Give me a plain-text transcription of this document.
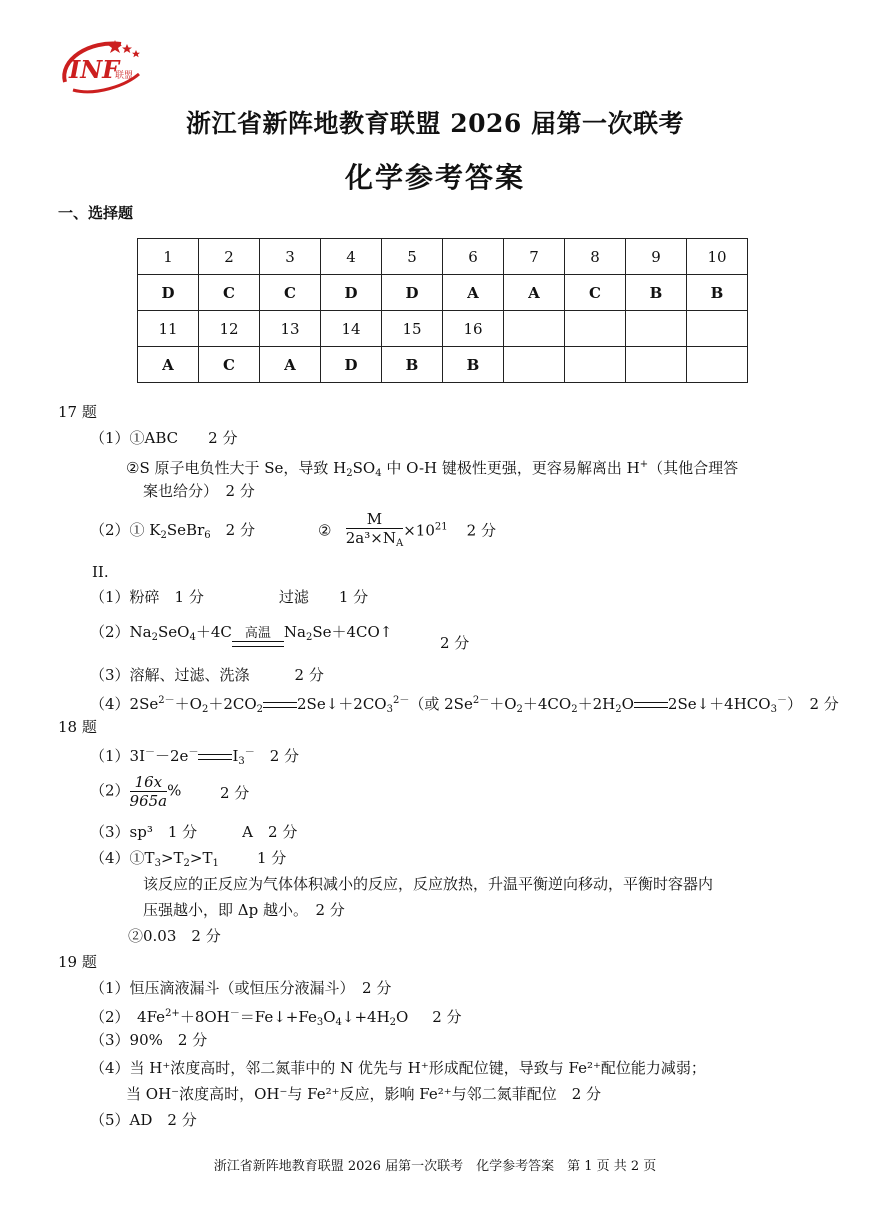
INF
联盟
浙江省新阵地教育联盟 2026 届第一次联考
化学参考答案
一、选择题
1	2	3	4	5	6	7	8	9	10
D	C	C	D	D	A	A	C	B	B
11	12	13	14	15	16				
A	C	A	D	B	B				
17 题
（1）①ABC　　2 分
②S 原子电负性大于 Se，导致 $H_2SO_4$ 中 O-H 键极性更强，更容易解离出 H+（其他合理答
案也给分）　2 分
（2）① $K_2SeBr_6$　2 分	② $\frac{M}{2a^3\times N_A} \times 10^{21}$ 2 分
II.
（1）粉碎　1 分　　　　　过滤　　1 分
$(2)Na_2SeO_4+4C$ 高温 $Na_2Se+4CO↑$
2 分
（3）溶解、过滤、洗涤　　　2 分
$(4)2Se^{2-}+O_2+2CO_2$ $2Se↓+2CO_3^{2-}$（或 $2Se^{2-}+O_2+4CO_2+2H_2O$ $2Se↓+4HCO_3^-$）　2 分
18 题
（1）3I－－2e－ $I_3^-$　2 分
$(2) \frac{16x}{965a}$ %	2 分
（3）sp³　1 分　　　A　2 分
$(4)①T_3>T_2>T_1$	1 分
该反应的正反应为气体体积减小的反应，反应放热，升温平衡逆向移动，平衡时容器内
压强越小，即 Δp 越小。　2 分
②0.03　2 分
19 题
（1）恒压滴液漏斗（或恒压分液漏斗）　2 分
（2）　$4Fe^{2+}+8OH^-=Fe↓+Fe_3O_4↓+4H_2O$ 2 分
（3）90%　2 分
（4）当 H⁺浓度高时，邻二氮菲中的 N 优先与 H⁺形成配位键，导致与 Fe²⁺配位能力减弱；
当 OH⁻浓度高时，OH⁻与 Fe²⁺反应，影响 Fe²⁺与邻二氮菲配位　2 分
（5）AD　2 分
浙江省新阵地教育联盟 2026 届第一次联考　化学参考答案　第 1 页 共 2 页
